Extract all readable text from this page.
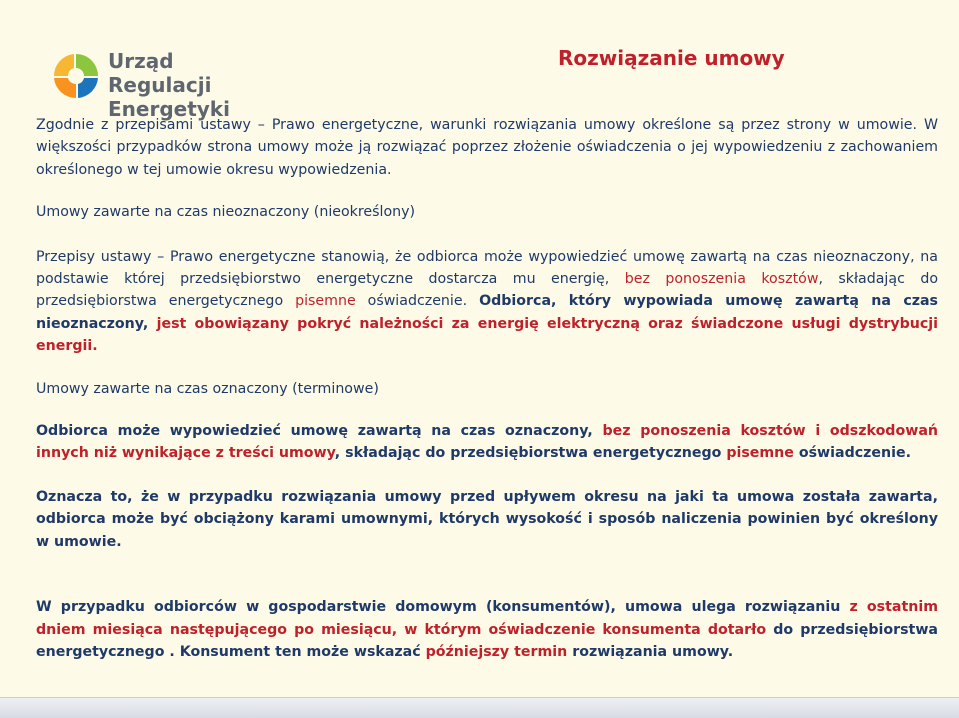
Urząd Regulacji
Energetyki
Rozwiązanie umowy

Zgodnie z przepisami ustawy – Prawo energetyczne, warunki rozwiązania umowy określone są przez strony w umowie. W większości przypadków strona umowy może ją rozwiązać poprzez złożenie oświadczenia o jej wypowiedzeniu z zachowaniem określonego w tej umowie okresu wypowiedzenia.

Umowy zawarte na czas nieoznaczony (nieokreślony)

Przepisy ustawy – Prawo energetyczne stanowią, że odbiorca może wypowiedzieć umowę zawartą na czas nieoznaczony, na podstawie której przedsiębiorstwo energetyczne dostarcza mu energię, bez ponoszenia kosztów, składając do przedsiębiorstwa energetycznego pisemne oświadczenie. Odbiorca, który wypowiada umowę zawartą na czas nieoznaczony, jest obowiązany pokryć należności za energię elektryczną oraz świadczone usługi dystrybucji energii.

Umowy zawarte na czas oznaczony (terminowe)

Odbiorca może wypowiedzieć umowę zawartą na czas oznaczony, bez ponoszenia kosztów i odszkodowań innych niż wynikające z treści umowy, składając do przedsiębiorstwa energetycznego pisemne oświadczenie.

Oznacza to, że w przypadku rozwiązania umowy przed upływem okresu na jaki ta umowa została zawarta, odbiorca może być obciążony karami umownymi, których wysokość i sposób naliczenia powinien być określony w umowie.

W przypadku odbiorców w gospodarstwie domowym (konsumentów), umowa ulega rozwiązaniu z ostatnim dniem miesiąca następującego po miesiącu, w którym oświadczenie konsumenta dotarło do przedsiębiorstwa energetycznego . Konsument ten może wskazać późniejszy termin rozwiązania umowy.
